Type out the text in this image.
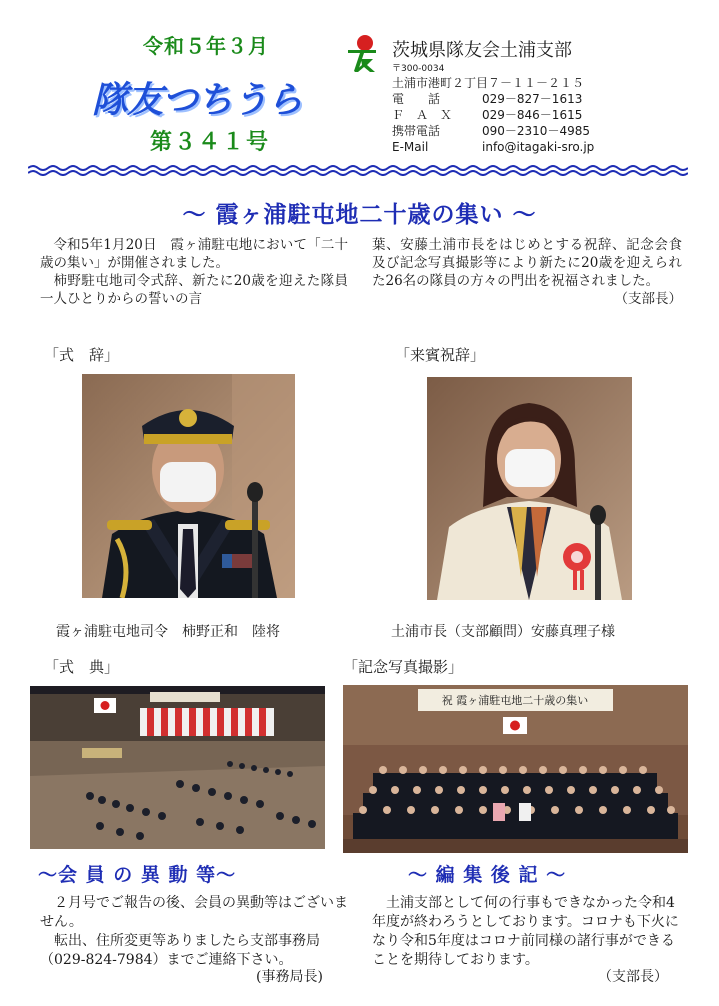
令和５年３月
隊友つちうら
第３４１号
茨城県隊友会土浦支部
〒300-0034
土浦市港町２丁目７－１１－２１５
電　　話	029－827－1613
Ｆ　Ａ　Ｘ 029－846－1615
携帯電話	090－2310－4985
E-Mail	info@itagaki-sro.jp
～ 霞ヶ浦駐屯地二十歳の集い ～

令和5年1月20日　霞ヶ浦駐屯地において「二十歳の集い」が開催されました。

柿野駐屯地司令式辞、新たに20歳を迎えた隊員一人ひとりからの誓いの言

葉、安藤土浦市長をはじめとする祝辞、記念会食及び記念写真撮影等により新たに20歳を迎えられた26名の隊員の方々の門出を祝福されました。

（支部長）
「式　辞」	「来賓祝辞」
霞ヶ浦駐屯地司令　柿野正和　陸将	土浦市長（支部顧問）安藤真理子様
「式　典」	「記念写真撮影」
祝 霞ヶ浦駐屯地二十歳の集い
～会 員 の 異 動 等～	～ 編 集 後 記 ～

２月号でご報告の後、会員の異動等はございません。

転出、住所変更等ありましたら支部事務局（029-824-7984）までご連絡下さい。

(事務局長)

土浦支部として何の行事もできなかった令和4年度が終わろうとしております。コロナも下火になり令和5年度はコロナ前同様の諸行事ができることを期待しております。

（支部長）
